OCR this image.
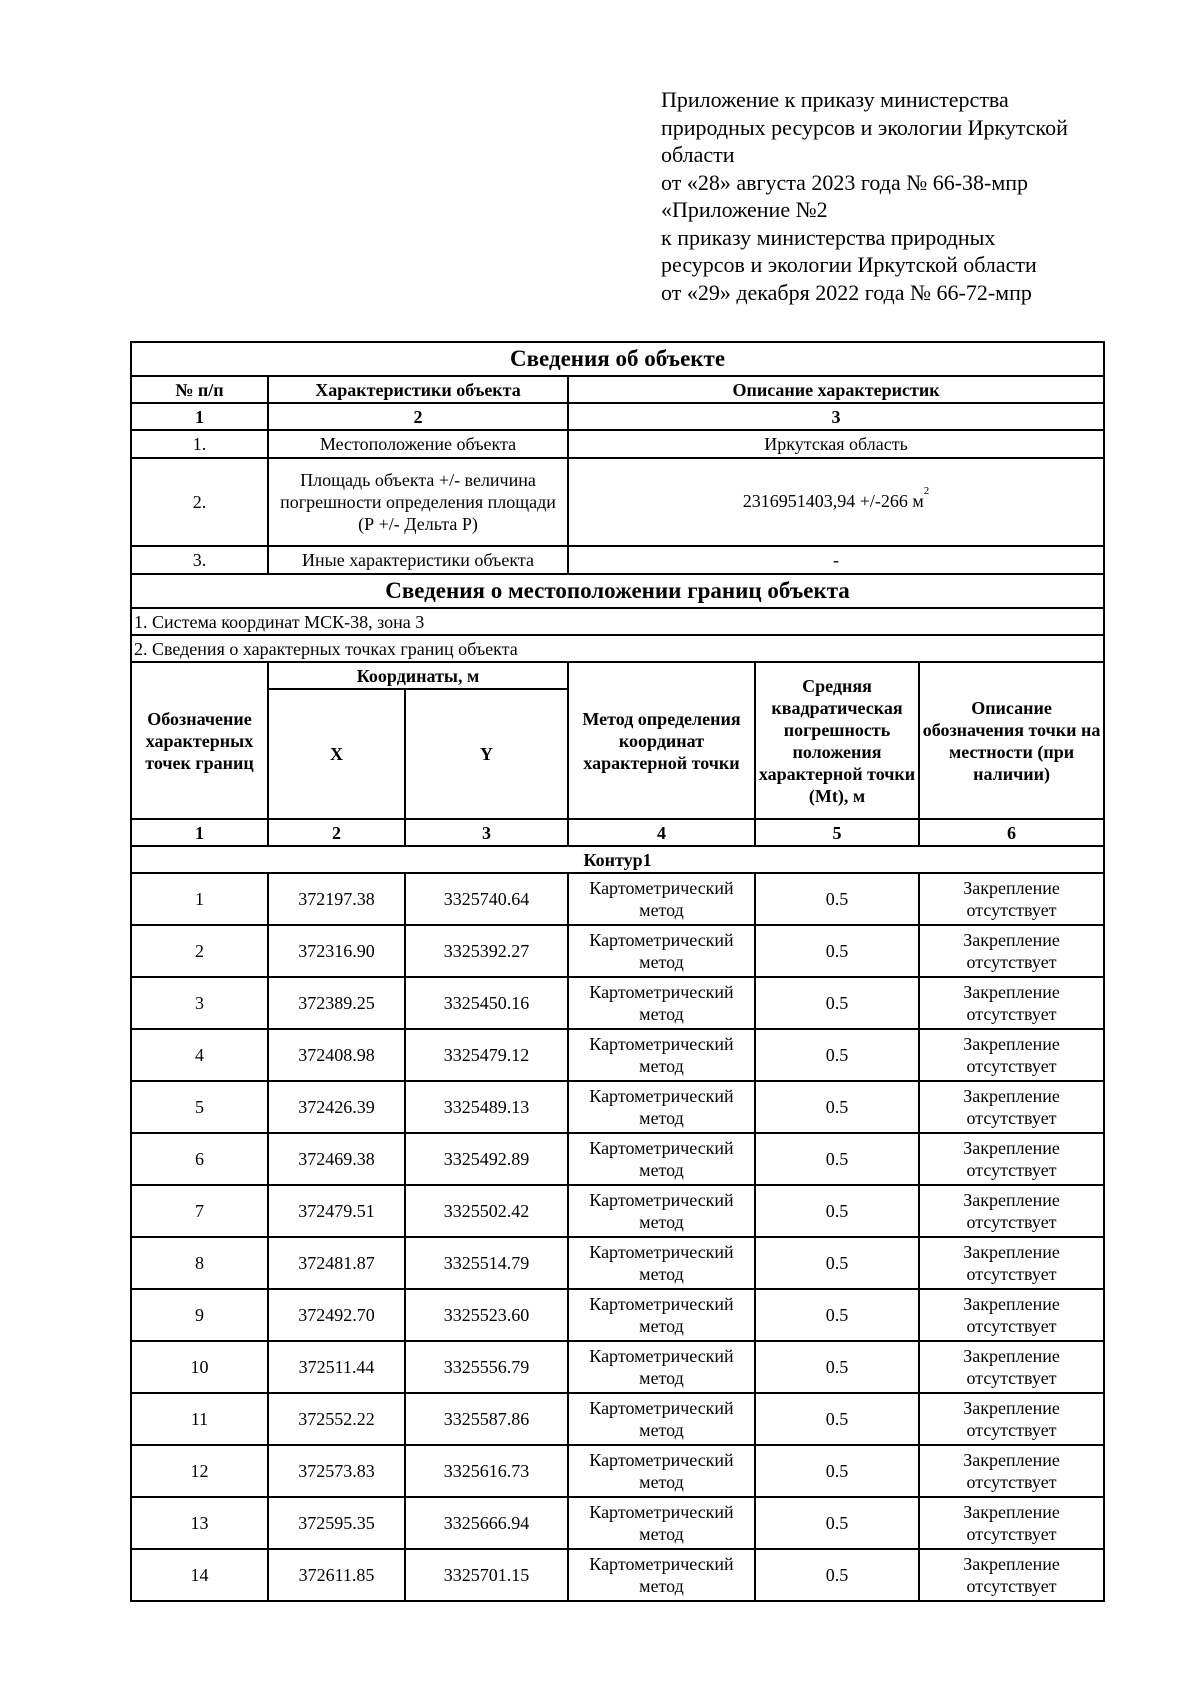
Приложение к приказу министерства
природных ресурсов и экологии Иркутской
области
от «28» августа 2023 года № 66-38-мпр
«Приложение №2
к приказу министерства природных
ресурсов и экологии Иркутской области
от «29» декабря 2022 года № 66-72-мпр
Сведения об объекте					
№ п/п	Характеристики объекта		Описание характеристик		
1	2		3		
1.	Местоположение объекта		Иркутская область		
2.	Площадь объекта +/- величина погрешности определения площади (Р +/- Дельта Р)		2316951403,94 +/-266 $м^2$
3.	Иные характеристики объекта		-		
Сведения о местоположении границ объекта					
1. Система координат МСК-38, зона 3					
2. Сведения о характерных точках границ объекта					
Обозначение характерных точек границ	Координаты, м		Метод определения координат характерной точки	Средняя квадратическая погрешность положения характерной точки (Mt), м	Описание обозначения точки на местности (при наличии)
	X	Y			
1	2	3	4	5	6
Контур1					
1	372197.38	3325740.64	Картометрический метод	0.5	Закрепление отсутствует
2	372316.90	3325392.27	Картометрический метод	0.5	Закрепление отсутствует
3	372389.25	3325450.16	Картометрический метод	0.5	Закрепление отсутствует
4	372408.98	3325479.12	Картометрический метод	0.5	Закрепление отсутствует
5	372426.39	3325489.13	Картометрический метод	0.5	Закрепление отсутствует
6	372469.38	3325492.89	Картометрический метод	0.5	Закрепление отсутствует
7	372479.51	3325502.42	Картометрический метод	0.5	Закрепление отсутствует
8	372481.87	3325514.79	Картометрический метод	0.5	Закрепление отсутствует
9	372492.70	3325523.60	Картометрический метод	0.5	Закрепление отсутствует
10	372511.44	3325556.79	Картометрический метод	0.5	Закрепление отсутствует
11	372552.22	3325587.86	Картометрический метод	0.5	Закрепление отсутствует
12	372573.83	3325616.73	Картометрический метод	0.5	Закрепление отсутствует
13	372595.35	3325666.94	Картометрический метод	0.5	Закрепление отсутствует
14	372611.85	3325701.15	Картометрический метод	0.5	Закрепление отсутствует
